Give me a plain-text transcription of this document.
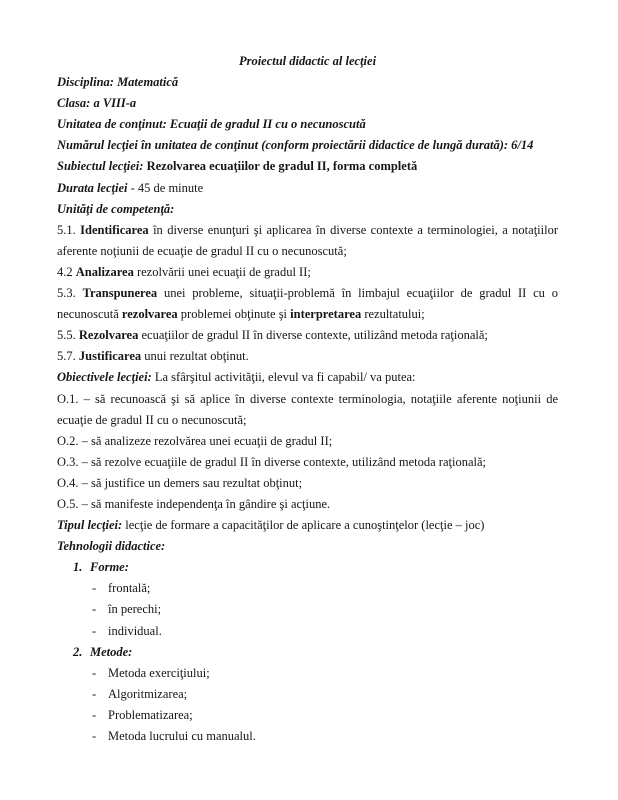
Proiectul didactic al lecţiei

Disciplina: Matematică

Clasa: a VIII-a

Unitatea de conţinut: Ecuaţii de gradul II cu o necunoscută

Numărul lecţiei în unitatea de conţinut (conform proiectării didactice de lungă durată): 6/14

Subiectul lecţiei: Rezolvarea ecuaţiilor de gradul II, forma completă

Durata lecţiei - 45 de minute

Unităţi de competenţă:

5.1. Identificarea în diverse enunţuri şi aplicarea în diverse contexte a terminologiei, a notaţiilor aferente noţiunii de ecuaţie de gradul II cu o necunoscută;

4.2 Analizarea rezolvării unei ecuaţii de gradul II;

5.3. Transpunerea unei probleme, situaţii-problemă în limbajul ecuaţiilor de gradul II cu o necunoscută rezolvarea problemei obţinute şi interpretarea rezultatului;

5.5. Rezolvarea ecuaţiilor de gradul II în diverse contexte, utilizând metoda raţională;

5.7. Justificarea unui rezultat obţinut.

Obiectivele lecţiei: La sfârşitul activităţii, elevul va fi capabil/ va putea:

O.1. – să recunoască şi să aplice în diverse contexte terminologia, notaţiile aferente noţiunii de ecuaţie de gradul II cu o necunoscută;

O.2. – să analizeze rezolvărea unei ecuaţii de gradul II;

O.3. – să rezolve ecuaţiile de gradul II în diverse contexte, utilizând metoda raţională;

O.4. – să justifice un demers sau rezultat obţinut;

O.5. – să manifeste independenţa în gândire şi acţiune.

Tipul lecţiei: lecţie de formare a capacităţilor de aplicare a cunoştinţelor (lecţie – joc)

Tehnologii didactice:

1. Forme:

- frontală;

- în perechi;

- individual.

2. Metode:

- Metoda exerciţiului;

- Algoritmizarea;

- Problematizarea;

- Metoda lucrului cu manualul.
